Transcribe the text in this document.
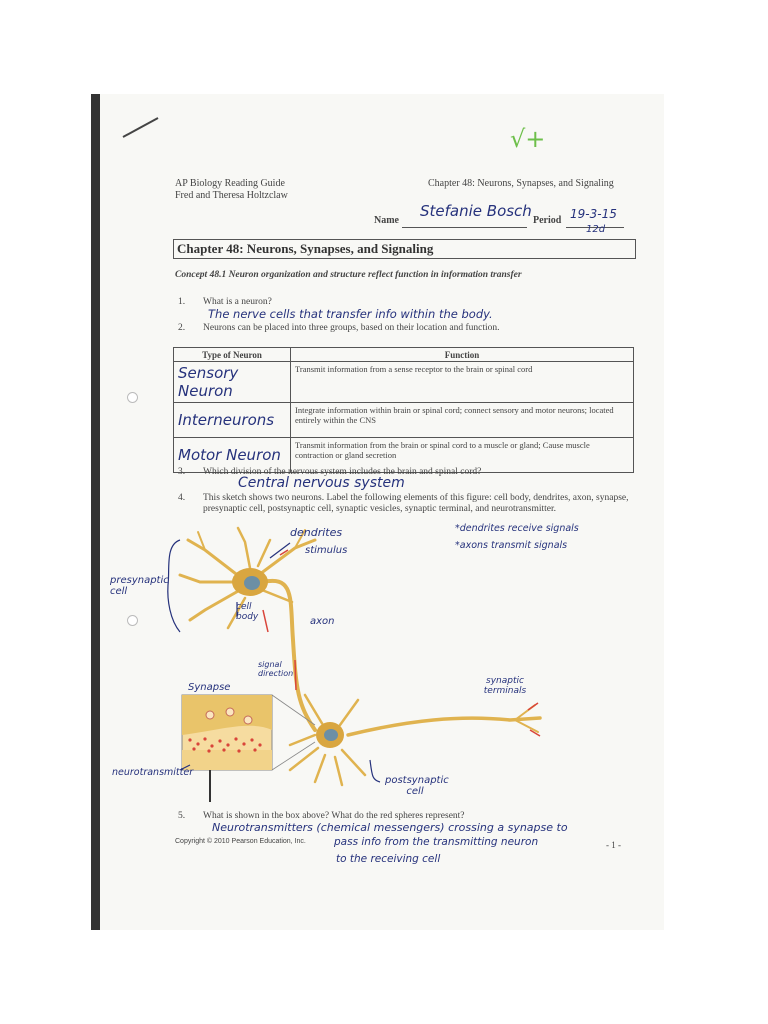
√+
AP Biology Reading Guide
Fred and Theresa Holtzclaw
Chapter 48: Neurons, Synapses, and Signaling
Name
Stefanie Bosch
Period 19-3-15
12d
Chapter 48: Neurons, Synapses, and Signaling
Concept 48.1 Neuron organization and structure reflect function in information transfer
1. What is a neuron?
The nerve cells that transfer info within the body.
2. Neurons can be placed into three groups, based on their location and function.
Type of Neuron	Function
Sensory Neuron	Transmit information from a sense receptor to the brain or spinal cord
Interneurons	Integrate information within brain or spinal cord; connect sensory and motor neurons; located entirely within the CNS
Motor Neuron	Transmit information from the brain or spinal cord to a muscle or gland; Cause muscle contraction or gland secretion
3. Which division of the nervous system includes the brain and spinal cord?
Central nervous system
4. This sketch shows two neurons. Label the following elements of this figure: cell body, dendrites, axon, synapse, presynaptic cell, postsynaptic cell, synaptic vesicles, synaptic terminal, and neurotransmitter.
*dendrites receive signals
*axons transmit signals
dendrites
stimulus
presynaptic cell
cell body	axon
signal direction
Synapse
synaptic terminals
neurotransmitter
postsynaptic cell
5. What is shown in the box above? What do the red spheres represent?
Neurotransmitters (chemical messengers) crossing a synapse to
pass info from the transmitting neuron
to the receiving cell
Copyright © 2010 Pearson Education, Inc.	- 1 -
